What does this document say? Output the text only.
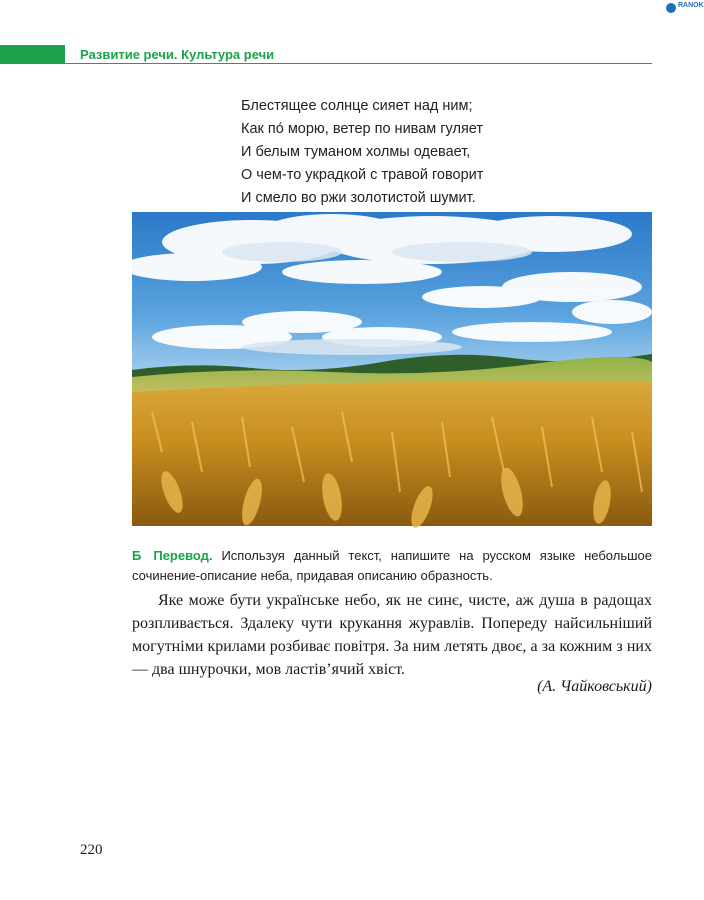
RANOK
Развитие речи. Культура речи
Блестящее солнце сияет над ним;
Как по́ морю, ветер по нивам гуляет
И белым туманом холмы одевает,
О чем-то украдкой с травой говорит
И смело во ржи золотистой шумит.
Б Перевод. Используя данный текст, напишите на русском языке небольшое сочинение-описание неба, придавая описанию образность.

Яке може бути українське небо, як не синє, чисте, аж душа в радощах розпливається. Здалеку чути крукання журавлів. Попереду найсильніший могутніми крилами розбиває повітря. За ним летять двоє, а за кожним з них — два шнурочки, мов ластів’ячий хвіст.

(А. Чайковський)
220
